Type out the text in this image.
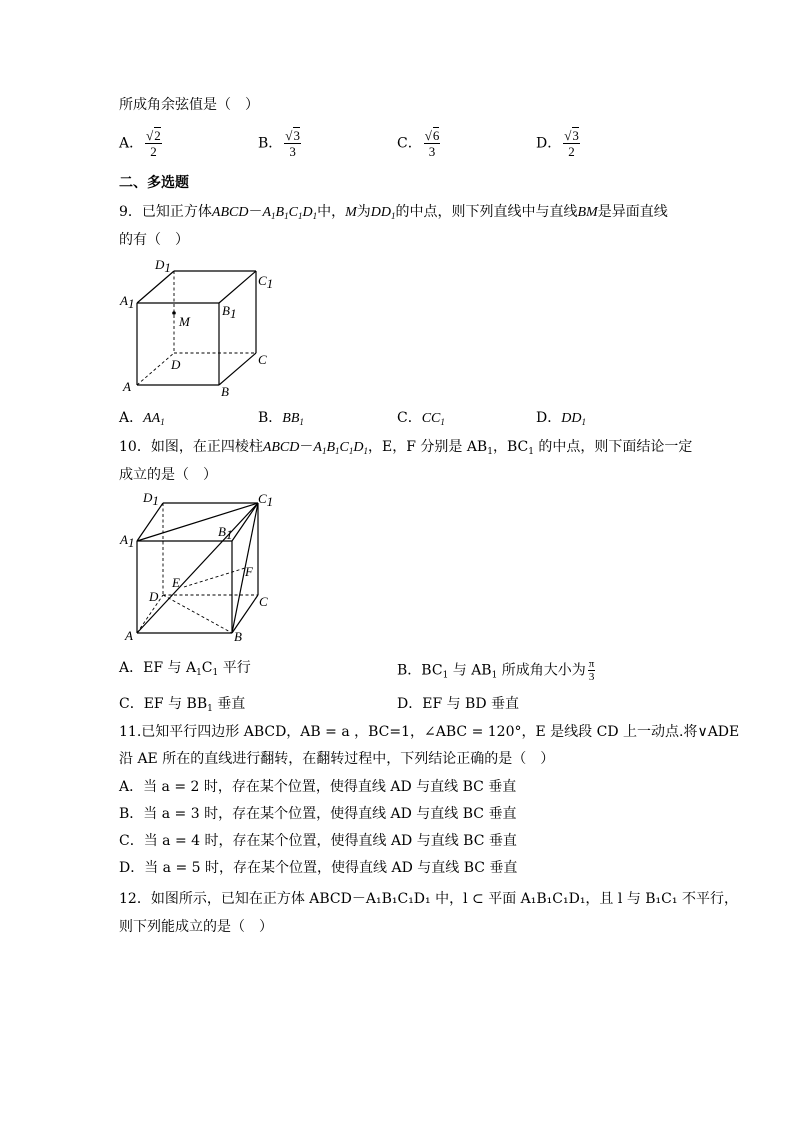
所成角余弦值是（　）
A． $\frac{√2}{2}$	B． $\frac{√3}{3}$	C． $\frac{√6}{3}$	D． $\frac{√3}{2}$
二、多选题
9．已知正方体$ABCD-A_1B_1C_1D_1$中，M为$DD_1$的中点，则下列直线中与直线BM是异面直线
的有（　）
D1
C1
A1	B1
M
D	C
A	B
A．$AA_1$	B．$BB_1$	C．$CC_1$	D．$DD_1$
10．如图，在正四棱柱$ABCD-A_1B_1C_1D_1$，E，F 分别是 $AB_1$，$BC_1$ 的中点，则下面结论一定
成立的是（　）
D1	C1
A1
B1
E
F
D	C
A	B
A．EF 与 $A_1C_1$ 平行	B．$BC_1$ 与 $AB_1$ 所成角大小为 $\frac{\pi}{3}$
C．EF 与 $BB_1$ 垂直	D．EF 与 BD 垂直
11.已知平行四边形 ABCD，AB = a ，BC=1，∠ABC = 120°，E 是线段 CD 上一动点.将∨ADE
沿 AE 所在的直线进行翻转，在翻转过程中，下列结论正确的是（　）
A．当 a = 2 时，存在某个位置，使得直线 AD 与直线 BC 垂直
B．当 a = 3 时，存在某个位置，使得直线 AD 与直线 BC 垂直
C．当 a = 4 时，存在某个位置，使得直线 AD 与直线 BC 垂直
D．当 a = 5 时，存在某个位置，使得直线 AD 与直线 BC 垂直
12．如图所示，已知在正方体 ABCD－A₁B₁C₁D₁ 中，l ⊂ 平面 A₁B₁C₁D₁，且 l 与 B₁C₁ 不平行，
则下列能成立的是（　）
